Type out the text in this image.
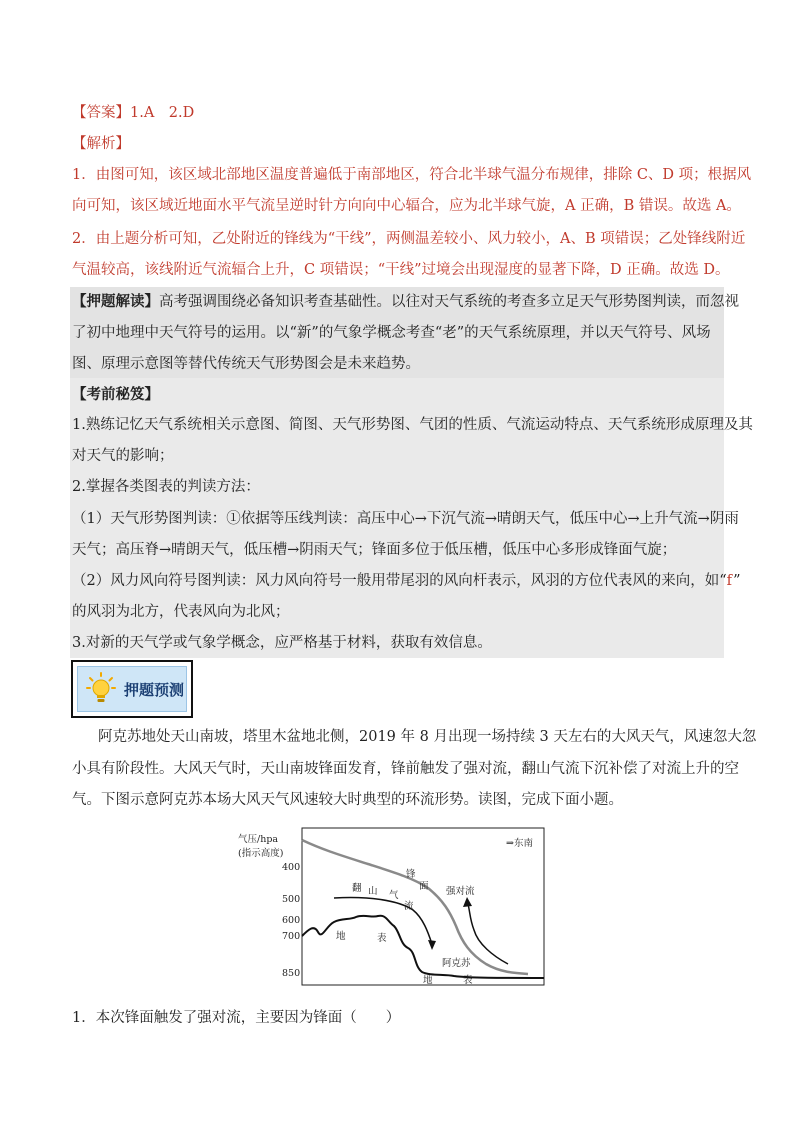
【答案】1.A　2.D
【解析】
1．由图可知，该区域北部地区温度普遍低于南部地区，符合北半球气温分布规律，排除 C、D 项；根据风
向可知，该区域近地面水平气流呈逆时针方向向中心辐合，应为北半球气旋，A 正确，B 错误。故选 A。
2．由上题分析可知，乙处附近的锋线为“干线”，两侧温差较小、风力较小，A、B 项错误；乙处锋线附近
气温较高，该线附近气流辐合上升，C 项错误；“干线”过境会出现湿度的显著下降，D 正确。故选 D。
【押题解读】高考强调围绕必备知识考查基础性。以往对天气系统的考查多立足天气形势图判读，而忽视
了初中地理中天气符号的运用。以“新”的气象学概念考查“老”的天气系统原理，并以天气符号、风场
图、原理示意图等替代传统天气形势图会是未来趋势。
【考前秘笈】
1.熟练记忆天气系统相关示意图、简图、天气形势图、气团的性质、气流运动特点、天气系统形成原理及其
对天气的影响；
2.掌握各类图表的判读方法：
（1）天气形势图判读：①依据等压线判读：高压中心→下沉气流→晴朗天气，低压中心→上升气流→阴雨
天气；高压脊→晴朗天气，低压槽→阴雨天气；锋面多位于低压槽，低压中心多形成锋面气旋；
（2）风力风向符号图判读：风力风向符号一般用带尾羽的风向杆表示，风羽的方位代表风的来向，如“f”
的风羽为北方，代表风向为北风；
3.对新的天气学或气象学概念，应严格基于材料，获取有效信息。
押题预测
阿克苏地处天山南坡，塔里木盆地北侧，2019 年 8 月出现一场持续 3 天左右的大风天气，风速忽大忽
小具有阶段性。大风天气时，天山南坡锋面发育，锋前触发了强对流，翻山气流下沉补偿了对流上升的空
气。下图示意阿克苏本场大风天气风速较大时典型的环流形势。读图，完成下面小题。
气压/hpa
(指示高度)
400
500
600
700
850
⇒东南
锋
面 强对流
翻 山 气
流
地	表
阿克苏
地	表
1．本次锋面触发了强对流，主要因为锋面（　　）
